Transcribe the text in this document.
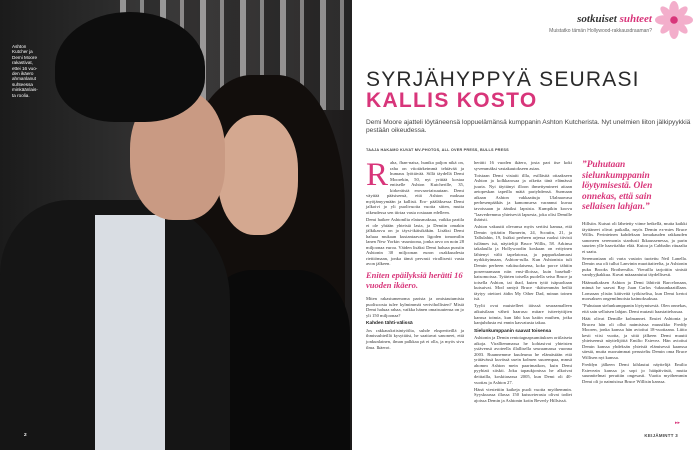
Ashton
Kutcher ja
Demi Moore
rakastivat,
ettei 16 vuo-
den ikäero
ahmanlanut
suhteessa
minkäänlais-
ta roolia.
2
sotkuiset suhteet
Muistatko tämän Hollywood-rakkausdraaman?
SYRJÄHYPPYÄ SEURASI
KALLIS KOSTO
Demi Moore ajatteli löytäneensä loppuelämänsä kumppanin Ashton Kutcherista. Nyt unelmien liiton jälkipyykkiä pestään oikeudessa.
TAAJA HAKAMO KUVAT MV-PHOTOS, ALL OVER PRESS, BULLS PRESS
R aha, fhan-naisa, hunika paljon nikä on, raha on viiotärkeimmä tehtävää ja humaus lyöttävää. Sillä täydellä Demi Moorekin, 50, nyt yrittää kostaa entiselle Ashton Kutcherille, 35, kirkeräistä erovaaviaisuutaan. Demi väyttää pääsisensä, että Ashton maksaa myöjämyymään ja kallisti. Ero- pääläksessa Demi jalkoivi jo yli puolivuotta vuotta sitten, mutta oikeudessa sen tiirtaa vasta rostaaan edelleen.

Demi haikee Ashtonilta elatusmaksua, vaikka pariila ei ole yhtään yhteistä lasta, ja Demiin omakin jälkikasvu on jo täysi-ikäisikäkän. Lisäksi Demi haluaa mukaan kustantaavan ligoden tomomilin lanen New Yorkin -asuntoona, jonka arvo on noin 28 miljoonaa euroa. Väiden lisäksi Demi haluaa pussiin Ashtonin 30 miljoonan euron osakkuudesta riettiömaan, jonka tämä pervasti virallisesti vasta avon jälkeen.

Eniten epäilyksiä herätti 16 vuoden ikäero.

Miten rakastumenoma parista ja omistautumista puolisoosta tulee kylmimmät verivihollisten? Mistä Demi haluaa rahaa, vaikka hänen omaisuutensa on jo yli 150 miljoonaa?

Kahden tähti-välissä

Jos rakkauskriisintyöilta, suhde ekspertteillä ja ihmissuhteillä kysyttäisi, he saattavat sanoneet, että jonkunlainen, ilman palkkaa pä ei olla, ja myös sivu ilma. Ikäerot.

herätti 16 vuoden ikäero, josta pari itse koki syvemmäksi vastakautokseen asian.

Toistaan Demi vistaiti illla, esilläsitä ottaakseen Ashton ja kolkkarosaa ja oiketta tänä elämässä juuria. Nyt täyttänyt illoon ihmettymineet aitaan aetopeskan tapeilla mätä pariyhdensä. Surmaan aikaan Ashton vakkaattuja Ulalnaavasa perhesenpääkäs ja kamomuesa varannut kuvaa tavoissaan ja ääniksi lapsista. Kumpikin koovu ”laavedremma yhteiseviä lapsesta, joka olisi Demille ihäristi.

Ashton vakuutti olevansa myös sertiisi kamua, että Demin tyttäriin Rumerin, 24, Scoutin, 21, ja Tallulahin, 19, lisäksi perheen arjessa ruoksi tiivisti isilämes isä, näyttelijä Bruce Willis, 58. Arkinsa takalaulla ja Hollywoodin koskaan on erityinen lähtenyt vältt tapelatossa, ja papparkalanuusi nyrkkiiytmaan, Ashton-rulla. Kun Ashtonista tuli Demin perheen vakituolaisena, koko porce tähtiin poseeraamaan niin ensi-illoissa, kuin baseball-katsomoissa. Tytärten toisella puolella seiso Bruce ja toisella Ashton, tai ihad, kuten tyttö isäpuoltaan kutsuivat. Mod rantyä Bruce -ikäisemmän heiltä täytyy otettavi äidin My Other Dad, minun toinen isä.

Tyylit ovat muistelleet iäisssä seuraamalleen aikuisilaan väheä haarasa: mitare istteetyttijien kanssa toimia, kun lähi kaa kaiiin muihen, jotka kanjuhdusta esi ennin kasvatusta takaa.

Sielunkumppanin saavat toisensa

Ashtonin ja Demin rentoiagnapsumituksen oriilaiseta aikoja. Viralliemmassa he kohtasivat yhteisten ystävensä avoteella illallisella seuraamassa vuonna 2003. Ruunnemme kuuleuma he elämästään että yrätävässä kuvässä usein kolmen suurempaa, mmsä ahomm Ashton mein paarimatkon, kuin Demi pyybiati siiskti. Joku tapaukjonissa he alkoivat deittailla, koskitasassa 2005, kun Demi oli 40-vuotias ja Ashton 27.

Hänä viestettiin kaikeja puoli vuotta myöhemmin. Syyskuussa illassa 150 kutsuvierasta olivat todiet ajoissa Demin ja Ashtonin kotin Beverly Hillsissä.

”Puhutaan sielunkumppanin löytymisestä. Olen onnekas, että sain sellaisen lahjan.”

Hillsiin. Kutsut oli lähetetty viime hetkellä, mutta kaikki täyttäneet olivat paikalla, myös Demin ex-mies Bruce Willis. Perinteinen kahdeksan lomakauden rakkauden sanoneen seremonia stardusti Ikkaussenessa, ja parin suurien ylle haaviiahko elää. Kutoa ja Cabbalin rituaalia ei saatu.

Seremoniaan oli varta vastoin tuotettu Neil Lanella. Demin asu oli tullut Lanvinin muotitaiteelta, ja Ashtonin puku Brooks Brothersilta. Vierailla tarjottiin sinistä vandyyjkakkua. Kuvat mäaaaniutui täydellisesti.

Häämatkaksen Ashton ja Demi lähtivät Barcelonaan, minuä he saavat Ray Juan Carlos -lukuunkaatillaan. Lomasan ylistin kätiveitä työkiselisa, kun Demi kertoi morsaksen ongemilmoista kaimoksaksaa.

”Puhutaan sielunkumppanin löytymisestä. Olen onnekas, että sain sellaisen lahjan. Demi mutasti haastattelussaa.

Häät olivat Demille kolmannet. Ensiet Ashtonia ja Brucea hän oli ollut naimisissa muusikko Freddy Mooren, jonka kanssa hän avioitui 18-vuotiaana. Liitto kesti viisi vuotta, ja sittä jälkeen Demi muutti yhteiseensä näyttelijöitä Emilio Estevez. Hän avioitui Demin kanssa yhdeksän yhteistä elämisessä kaanssa säestä, mutta nuoruimmat perusteltu Demin oma Bruce Willisen nyt kanssa.

Freddyn jälkeen Demi kihlautui näyttelijä Emilio Estevezin kanssa ja sopi jo hääpäivästä, mutta suunnitelmat peruttiin ongesasti. Vuotta myöhemmin Demi oli jo naimisissa Bruce Willisin kanssa.

▸▸
KEIJÄMINTT 3
